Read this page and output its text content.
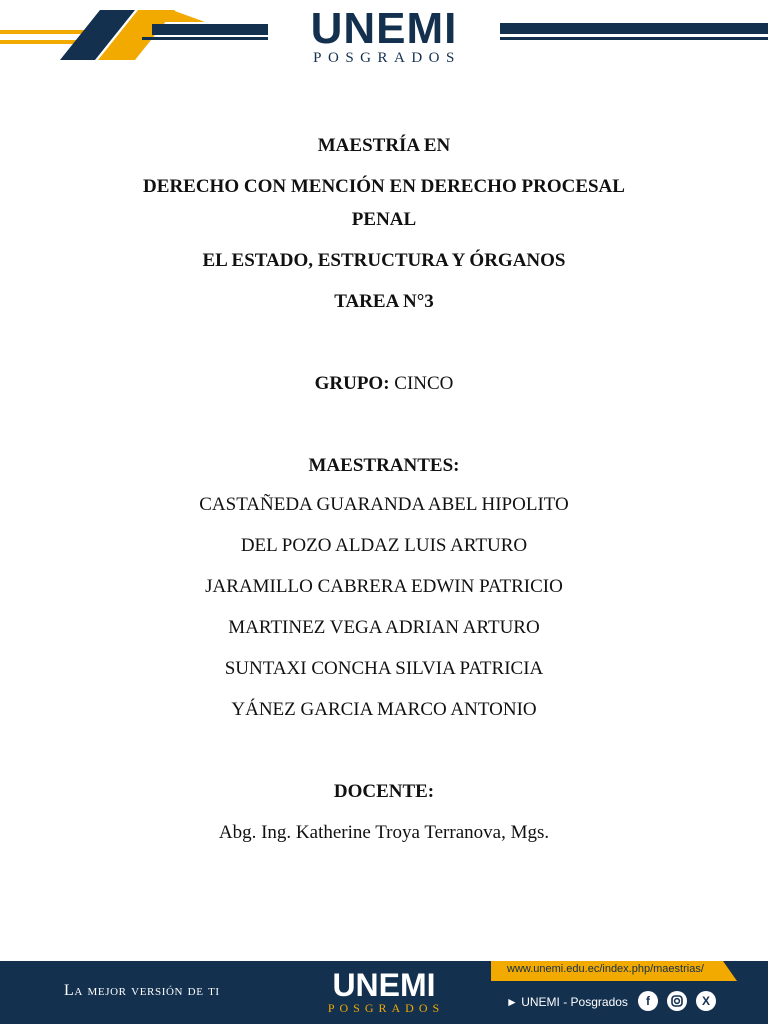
UNEMI
POSGRADOS
MAESTRÍA EN
DERECHO CON MENCIÓN EN DERECHO PROCESAL
PENAL
EL ESTADO, ESTRUCTURA Y ÓRGANOS
TAREA N°3
GRUPO: CINCO
MAESTRANTES:
CASTAÑEDA GUARANDA ABEL HIPOLITO
DEL POZO ALDAZ LUIS ARTURO
JARAMILLO CABRERA EDWIN PATRICIO
MARTINEZ VEGA ADRIAN ARTURO
SUNTAXI CONCHA SILVIA PATRICIA
YÁNEZ GARCIA MARCO ANTONIO
DOCENTE:
Abg. Ing. Katherine Troya Terranova, Mgs.
La mejor versión de ti	UNEMI
POSGRADOS
www.unemi.edu.ec/index.php/maestrias/
► UNEMI - Posgrados	f	X
